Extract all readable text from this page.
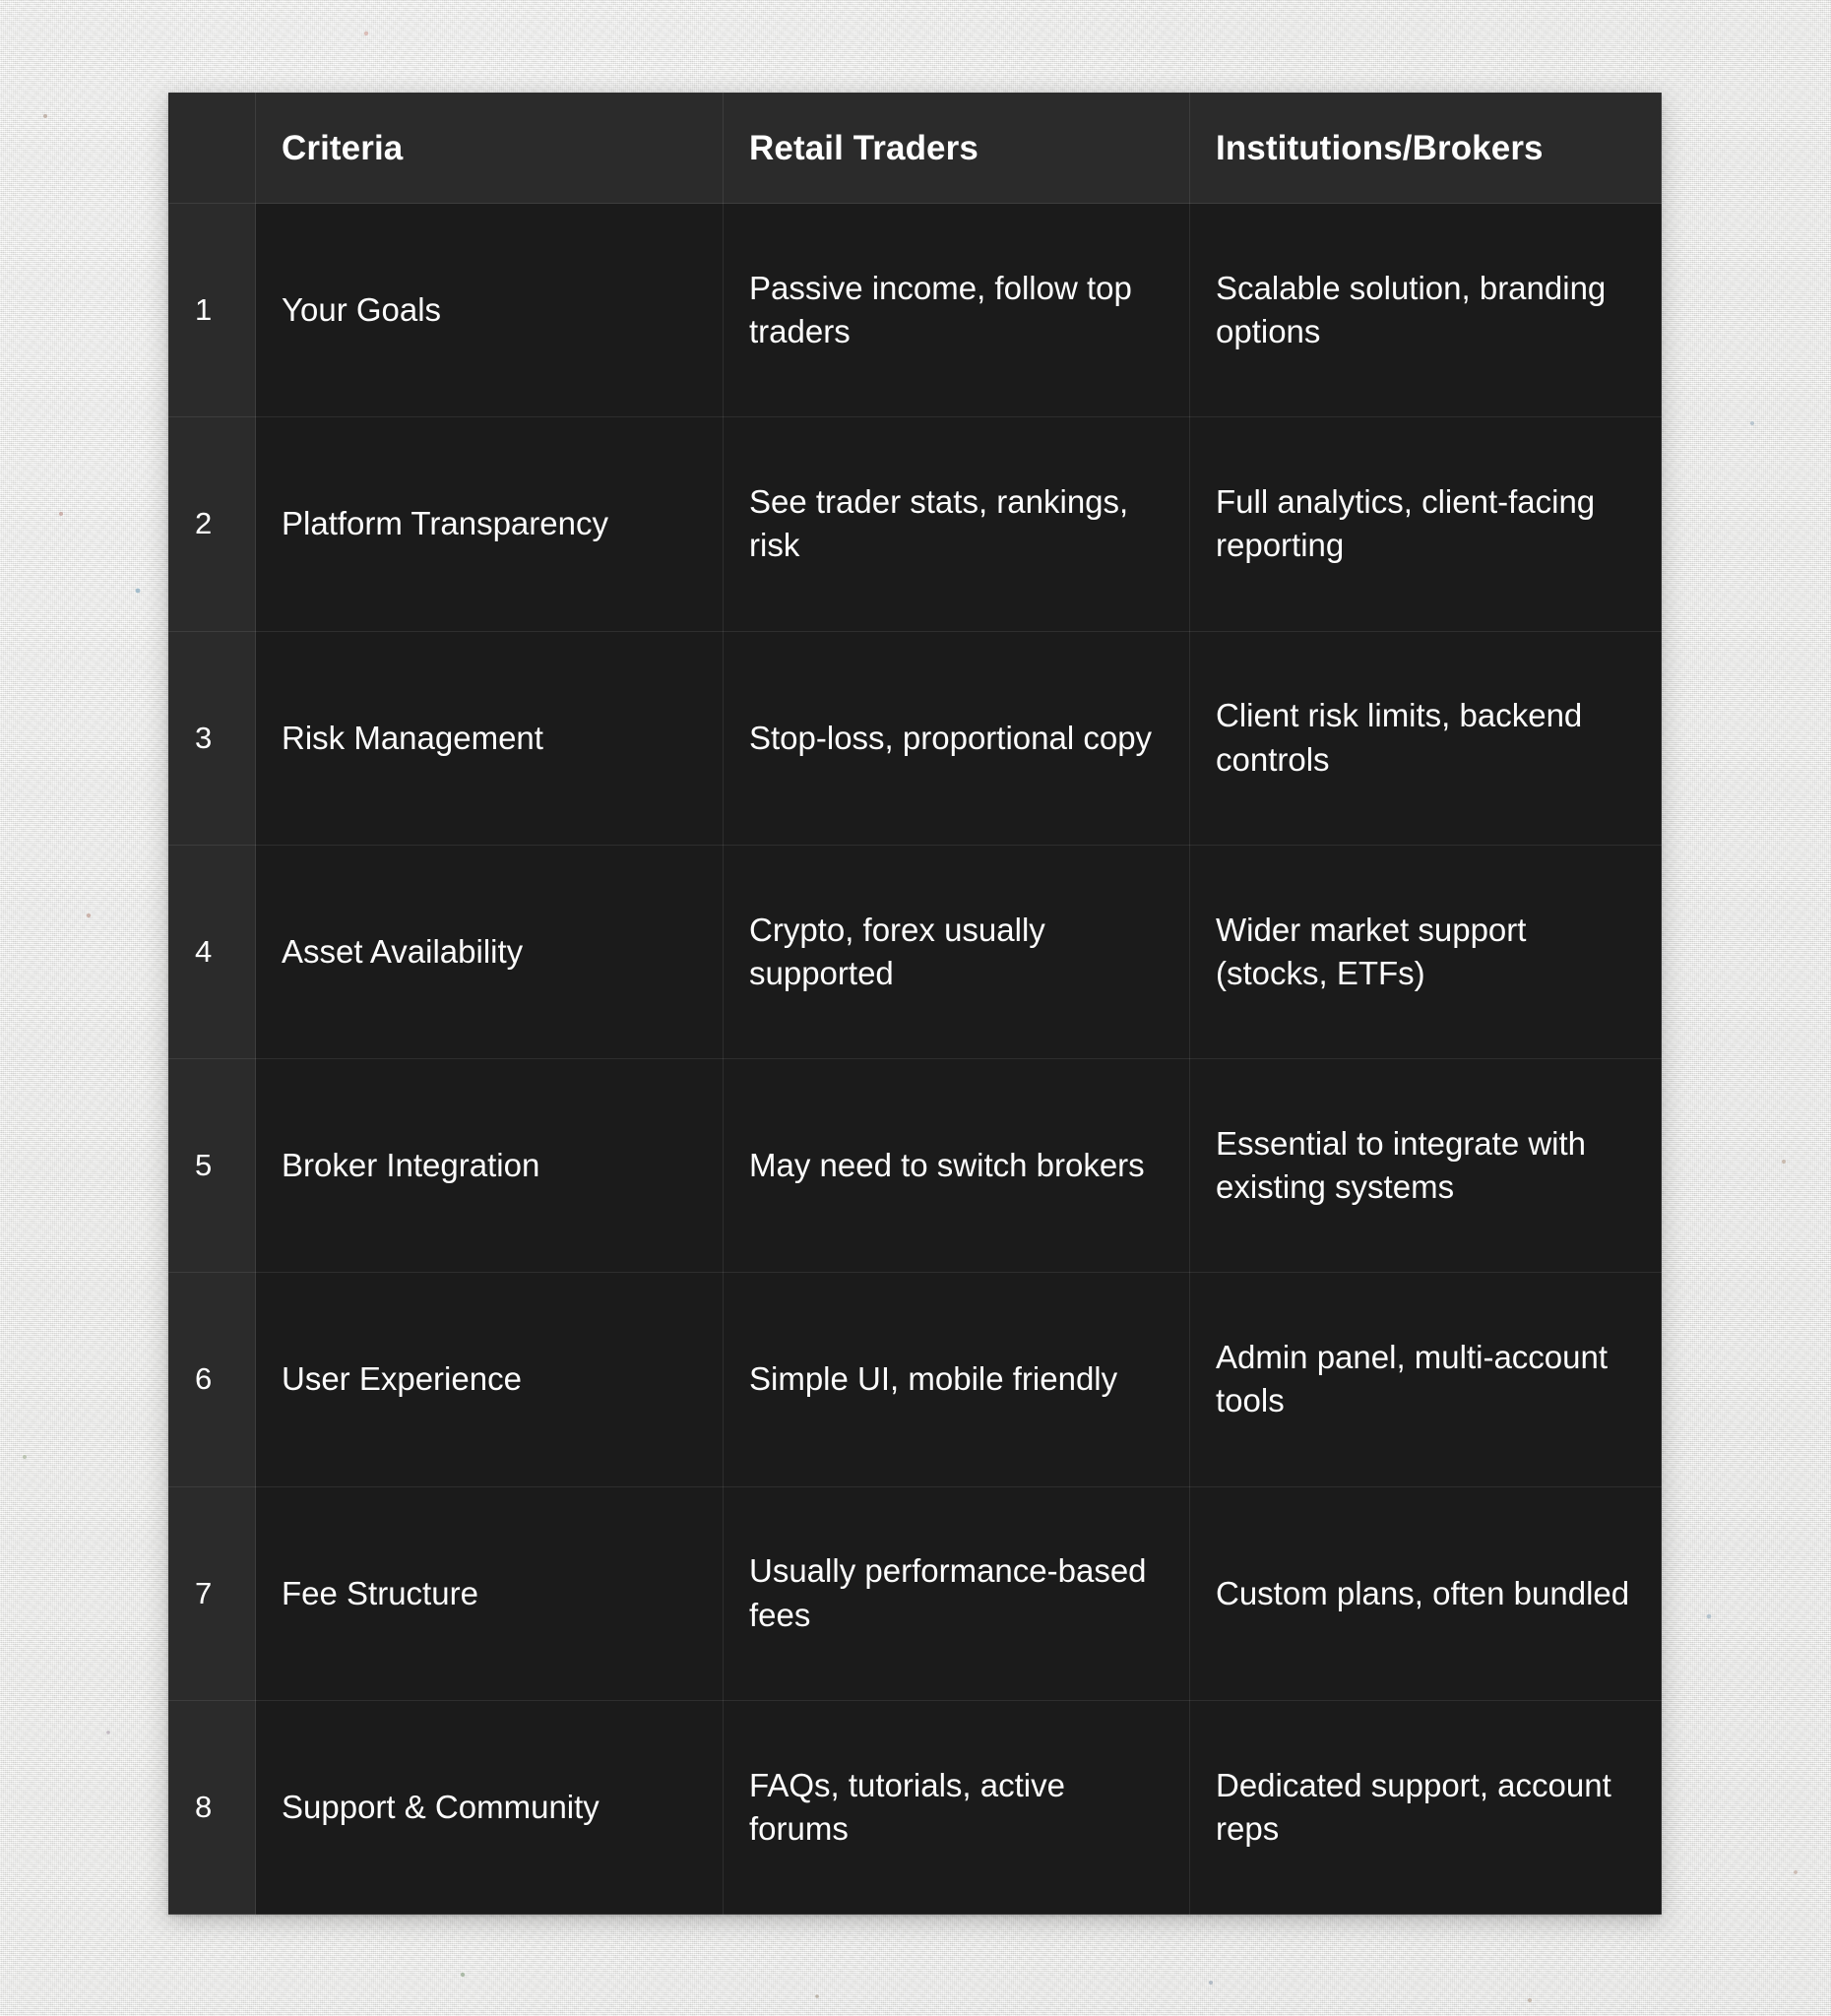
	Criteria	Retail Traders	Institutions/Brokers
1	Your Goals	Passive income, follow top traders	Scalable solution, branding options

2	Platform Transparency	See trader stats, rankings, risk	Full analytics, client-facing reporting

3	Risk Management	Stop-loss, proportional copy	Client risk limits, backend controls

4	Asset Availability	Crypto, forex usually supported	Wider market support (stocks, ETFs)

5	Broker Integration	May need to switch brokers	Essential to integrate with existing systems

6	User Experience	Simple UI, mobile friendly	Admin panel, multi-account tools

7	Fee Structure	Usually performance-based fees	Custom plans, often bundled

8	Support & Community	FAQs, tutorials, active forums	Dedicated support, account reps
